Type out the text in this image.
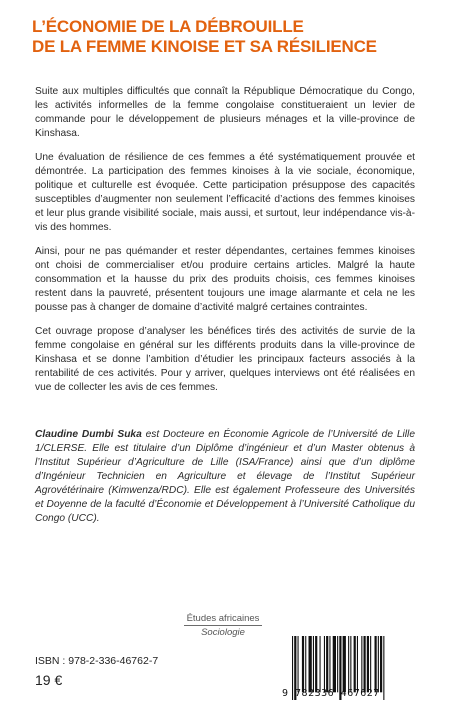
L’ÉCONOMIE DE LA DÉBROUILLE
DE LA FEMME KINOISE ET SA RÉSILIENCE

Suite aux multiples difficultés que connaît la République Démocratique du Congo, les activités informelles de la femme congolaise constitueraient un levier de commande pour le développement de plusieurs ménages et la ville-province de Kinshasa.

Une évaluation de résilience de ces femmes a été systématiquement prouvée et démontrée. La participation des femmes kinoises à la vie sociale, économique, politique et culturelle est évoquée. Cette participation présuppose des capacités susceptibles d’augmenter non seulement l’efficacité d’actions des femmes kinoises et leur plus grande visibilité sociale, mais aussi, et surtout, leur indépendance vis-à-vis des hommes.

Ainsi, pour ne pas quémander et rester dépendantes, certaines femmes kinoises ont choisi de commercialiser et/ou produire certains articles. Malgré la haute consommation et la hausse du prix des produits choisis, ces femmes kinoises restent dans la pauvreté, présentent toujours une image alarmante et cela ne les pousse pas à changer de domaine d’activité malgré certaines contraintes.

Cet ouvrage propose d’analyser les bénéfices tirés des activités de survie de la femme congolaise en général sur les différents produits dans la ville-province de Kinshasa et se donne l’ambition d’étudier les principaux facteurs associés à la rentabilité de ces activités. Pour y arriver, quelques interviews ont été réalisées en vue de collecter les avis de ces femmes.

Claudine Dumbi Suka est Docteure en Économie Agricole de l’Université de Lille 1/CLERSE. Elle est titulaire d’un Diplôme d’ingénieur et d’un Master obtenus à l’Institut Supérieur d’Agriculture de Lille (ISA/France) ainsi que d’un diplôme d’Ingénieur Technicien en Agriculture et élevage de l’Institut Supérieur Agrovétérinaire (Kimwenza/RDC). Elle est également Professeure des Universités et Doyenne de la faculté d’Économie et Développement à l’Université Catholique du Congo (UCC).

Études africaines
Sociologie
ISBN : 978-2-336-46762-7
19 €
9 782336 467627
